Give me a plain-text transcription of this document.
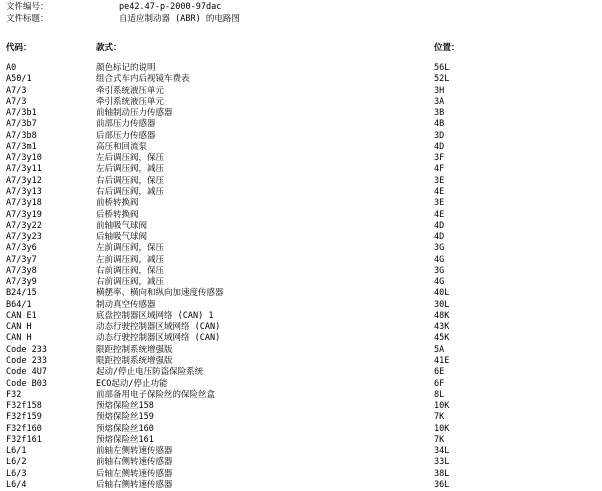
文件编号：	pe42.47-p-2000-97dac
文件标题：	自适应制动器 (ABR) 的电路图
代码：	款式：	位置：
A0	颜色标记的说明	56L
A50/1	组合式车内后视镜车费表	52L
A7/3	牵引系统液压单元	3H
A7/3	牵引系统液压单元	3A
A7/3b1	前轴制动压力传感器	3B
A7/3b7	前部压力传感器	4B
A7/3b8	后部压力传感器	3D
A7/3m1	高压和回流泵	4D
A7/3y10	左后调压阀，保压	3F
A7/3y11	左后调压阀，减压	4F
A7/3y12	右后调压阀，保压	3E
A7/3y13	右后调压阀，减压	4E
A7/3y18	前桥转换阀	3E
A7/3y19	后桥转换阀	4E
A7/3y22	前轴吸气球阀	4D
A7/3y23	后轴吸气球阀	4D
A7/3y6	左前调压阀，保压	3G
A7/3y7	左前调压阀，减压	4G
A7/3y8	右前调压阀，保压	3G
A7/3y9	右前调压阀，减压	4G
B24/15	横摆率、横向和纵向加速度传感器	40L
B64/1	制动真空传感器	30L
CAN E1	底盘控制器区域网络 (CAN) 1	48K
CAN H	动态行驶控制器区域网络 (CAN)	43K
CAN H	动态行驶控制器区域网络 (CAN)	45K
Code 233	限距控制系统增强版	5A
Code 233	限距控制系统增强版	41E
Code 4U7	起动/停止电压防盗保险系统	6E
Code B03	ECO起动/停止功能	6F
F32	前部备用电子保险丝的保险丝盒	8L
F32f158	预熔保险丝158	10K
F32f159	预熔保险丝159	7K
F32f160	预熔保险丝160	10K
F32f161	预熔保险丝161	7K
L6/1	前轴左侧转速传感器	34L
L6/2	前轴右侧转速传感器	33L
L6/3	后轴左侧转速传感器	38L
L6/4	后轴右侧转速传感器	36L
